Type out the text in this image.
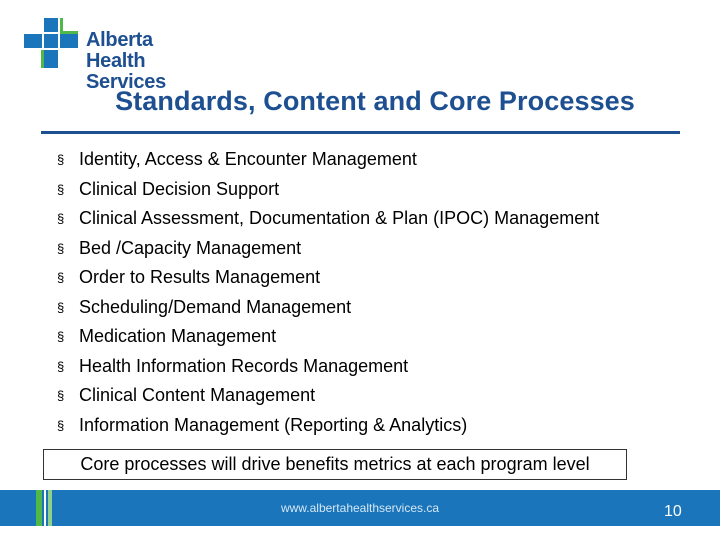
Alberta Health
Services
Standards, Content and Core Processes
§ Identity, Access & Encounter Management
§ Clinical Decision Support
§ Clinical Assessment, Documentation & Plan (IPOC) Management
§ Bed /Capacity Management
§ Order to Results Management
§ Scheduling/Demand Management
§ Medication Management
§ Health Information Records Management
§ Clinical Content Management
§ Information Management (Reporting & Analytics)
Core processes will drive benefits metrics at each program level
www.albertahealthservices.ca	10
